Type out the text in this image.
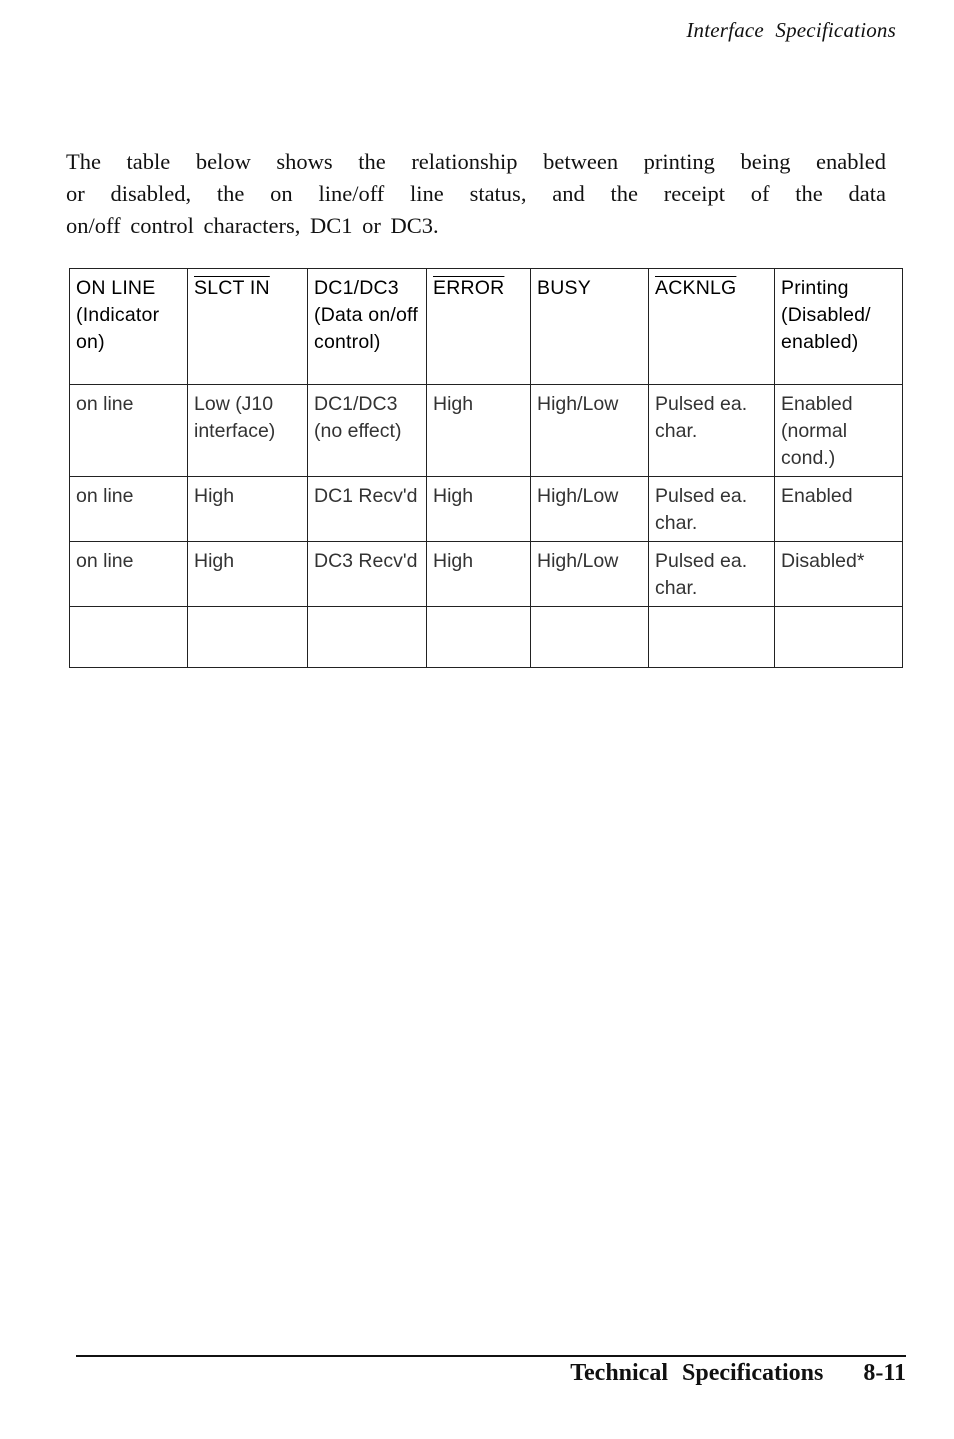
Interface Specifications
The table below shows the relationship between printing being enabled
or disabled, the on line/off line status, and the receipt of the data
on/off control characters, DC1 or DC3.
ON LINE (Indicator on)	SLCT IN	DC1/DC3 (Data on/off control)	ERROR	BUSY	ACKNLG	Printing (Disabled/ enabled)
on line	Low (J10 interface)	DC1/DC3 (no effect)	High	High/Low	Pulsed ea. char.	Enabled (normal cond.)
on line	High	DC1 Recv'd	High	High/Low	Pulsed ea. char.	Enabled
on line	High	DC3 Recv'd	High	High/Low	Pulsed ea. char.	Disabled*

Technical Specifications 8-11
